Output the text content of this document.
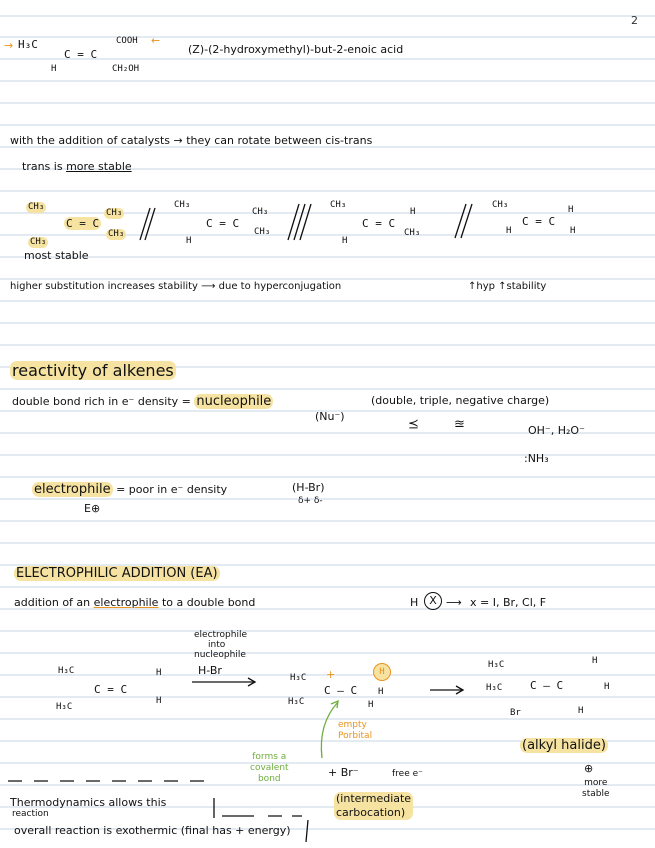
2
→ H₃C
C = C
COOH ←
H	CH₂OH
(Z)-(2-hydroxymethyl)-but-2-enoic acid
with the addition of catalysts → they can rotate between cis-trans
trans is more stable
CH₃
CH₃
C = C
CH₃
CH₃
most stable
CH₃
H
C = C
CH₃
CH₃
CH₃
H
C = C
H
CH₃
CH₃
H
C = C
H
H
higher substitution increases stability ⟶ due to hyperconjugation	↑hyp ↑stability
reactivity of alkenes
double bond rich in e⁻ density = nucleophile
(Nu⁻)
(double, triple, negative charge)
⪯	≊	OH⁻, H₂O⁻
:NH₃
electrophile = poor in e⁻ density	(H-Br)
δ+ δ-
E⊕
ELECTROPHILIC ADDITION (EA)
addition of an electrophile to a double bond	H X ⟶ x = I, Br, Cl, F
electrophile
into
nucleophile
H-Br
H₃C
H₃C
C = C
H
H
H₃C
H₃C
+
C — C
H
H
H
empty
Porbital
forms a
covalent
bond	+ Br⁻	free e⁻
(intermediate
carbocation)
H₃C
H₃C	C — C
H
H
Br	H
(alkyl halide)
⊕
more
stable
Thermodynamics allows this
reaction
overall reaction is exothermic (final has + energy)
